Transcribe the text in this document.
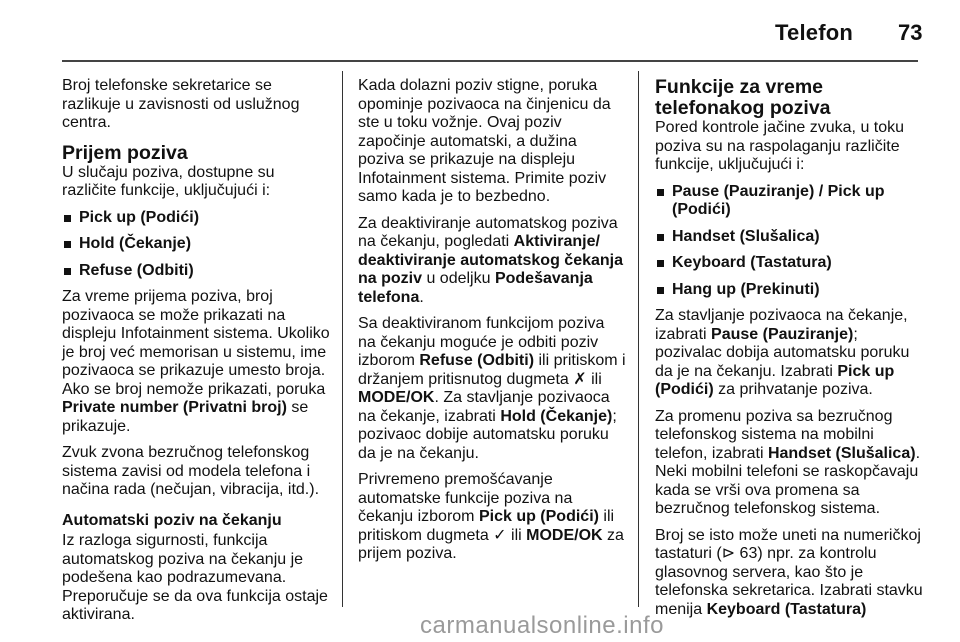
Telefon 73

Broj telefonske sekretarice se razlikuje u zavisnosti od uslužnog centra.

Prijem poziva

U slučaju poziva, dostupne su različite funkcije, uključujući i:

Pick up (Podići)
Hold (Čekanje)
Refuse (Odbiti)

Za vreme prijema poziva, broj pozivaoca se može prikazati na displeju Infotainment sistema. Ukoliko je broj već memorisan u sistemu, ime pozivaoca se prikazuje umesto broja. Ako se broj nemože prikazati, poruka Private number (Privatni broj) se prikazuje.

Zvuk zvona bezručnog telefonskog sistema zavisi od modela telefona i načina rada (nečujan, vibracija, itd.).

Automatski poziv na čekanju

Iz razloga sigurnosti, funkcija automatskog poziva na čekanju je podešena kao podrazumevana. Preporučuje se da ova funkcija ostaje aktivirana.

Kada dolazni poziv stigne, poruka opominje pozivaoca na činjenicu da ste u toku vožnje. Ovaj poziv započinje automatski, a dužina poziva se prikazuje na displeju Infotainment sistema. Primite poziv samo kada je to bezbedno.

Za deaktiviranje automatskog poziva na čekanju, pogledati Aktiviranje/ deaktiviranje automatskog čekanja na poziv u odeljku Podešavanja telefona.

Sa deaktiviranom funkcijom poziva na čekanju moguće je odbiti poziv izborom Refuse (Odbiti) ili pritiskom i držanjem pritisnutog dugmeta ✗ ili MODE/OK. Za stavljanje pozivaoca na čekanje, izabrati Hold (Čekanje); pozivaoc dobije automatsku poruku da je na čekanju.

Privremeno premošćavanje automatske funkcije poziva na čekanju izborom Pick up (Podići) ili pritiskom dugmeta ✓ ili MODE/OK za prijem poziva.

Funkcije za vreme telefonakog poziva

Pored kontrole jačine zvuka, u toku poziva su na raspolaganju različite funkcije, uključujući i:

Pause (Pauziranje) / Pick up (Podići)
Handset (Slušalica)
Keyboard (Tastatura)
Hang up (Prekinuti)

Za stavljanje pozivaoca na čekanje, izabrati Pause (Pauziranje); pozivalac dobija automatsku poruku da je na čekanju. Izabrati Pick up (Podići) za prihvatanje poziva.

Za promenu poziva sa bezručnog telefonskog sistema na mobilni telefon, izabrati Handset (Slušalica). Neki mobilni telefoni se raskopčavaju kada se vrši ova promena sa bezručnog telefonskog sistema.

Broj se isto može uneti na numeričkoj tastaturi (⊳ 63) npr. za kontrolu glasovnog servera, kao što je telefonska sekretarica. Izabrati stavku menija Keyboard (Tastatura)

carmanualsonline.info
